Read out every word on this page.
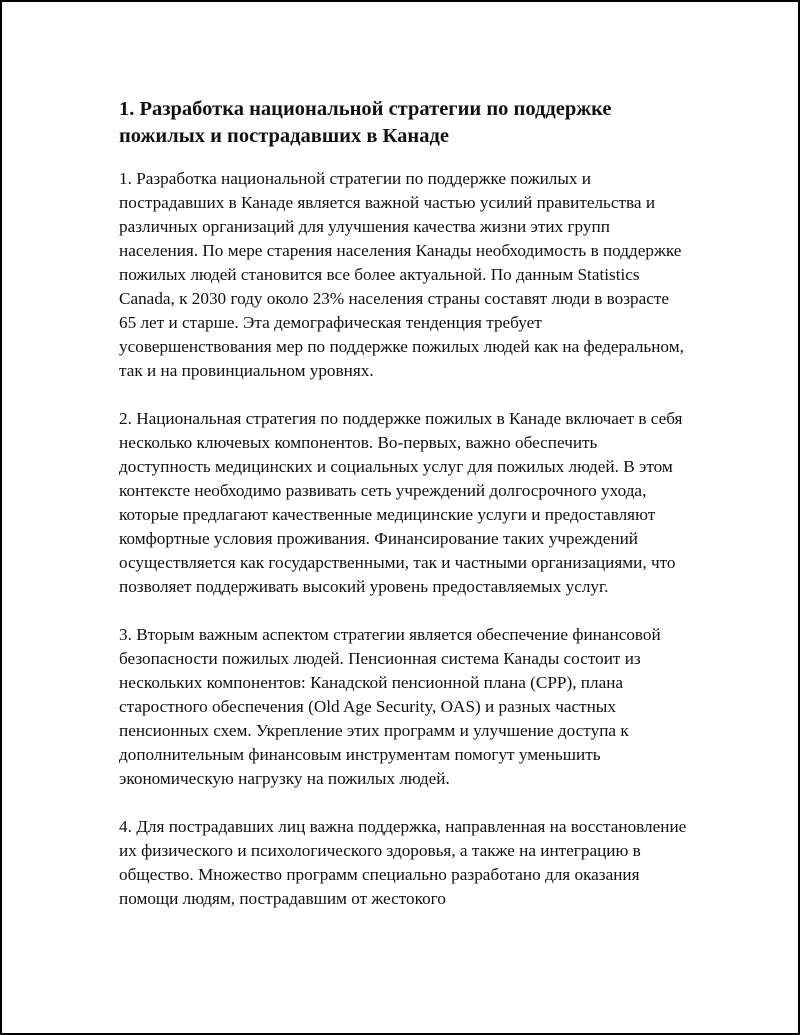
1. Разработка национальной стратегии по поддержке пожилых и пострадавших в Канаде

1. Разработка национальной стратегии по поддержке пожилых и пострадавших в Канаде является важной частью усилий правительства и различных организаций для улучшения качества жизни этих групп населения. По мере старения населения Канады необходимость в поддержке пожилых людей становится все более актуальной. По данным Statistics Canada, к 2030 году около 23% населения страны составят люди в возрасте 65 лет и старше. Эта демографическая тенденция требует усовершенствования мер по поддержке пожилых людей как на федеральном, так и на провинциальном уровнях.

2. Национальная стратегия по поддержке пожилых в Канаде включает в себя несколько ключевых компонентов. Во-первых, важно обеспечить доступность медицинских и социальных услуг для пожилых людей. В этом контексте необходимо развивать сеть учреждений долгосрочного ухода, которые предлагают качественные медицинские услуги и предоставляют комфортные условия проживания. Финансирование таких учреждений осуществляется как государственными, так и частными организациями, что позволяет поддерживать высокий уровень предоставляемых услуг.

3. Вторым важным аспектом стратегии является обеспечение финансовой безопасности пожилых людей. Пенсионная система Канады состоит из нескольких компонентов: Канадской пенсионной плана (CPP), плана старостного обеспечения (Old Age Security, OAS) и разных частных пенсионных схем. Укрепление этих программ и улучшение доступа к дополнительным финансовым инструментам помогут уменьшить экономическую нагрузку на пожилых людей.

4. Для пострадавших лиц важна поддержка, направленная на восстановление их физического и психологического здоровья, а также на интеграцию в общество. Множество программ специально разработано для оказания помощи людям, пострадавшим от жестокого
